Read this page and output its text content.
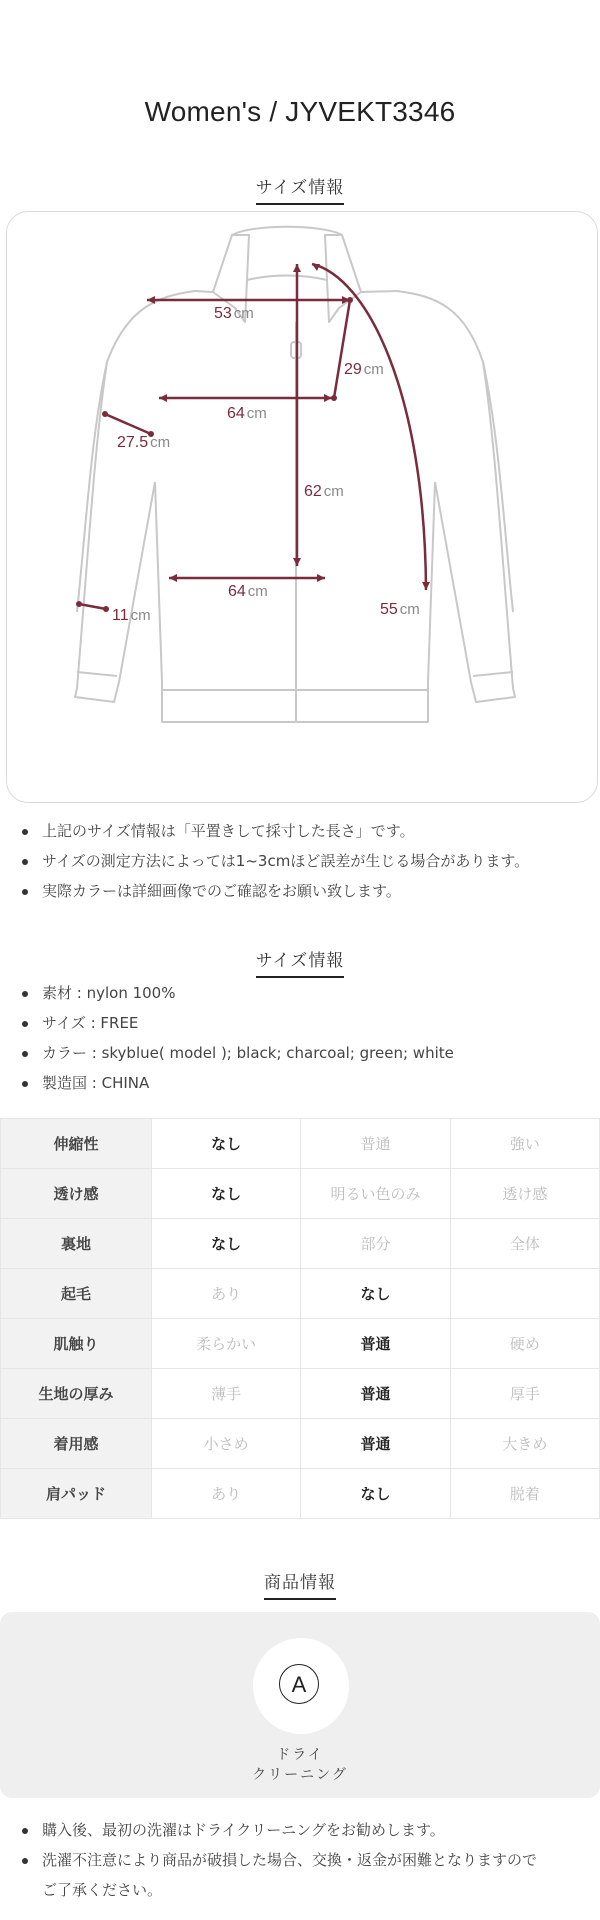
Women's / JYVEKT3346
サイズ情報
53 cm
29 cm
64 cm
27.5 cm
62 cm
64 cm
11 cm	55 cm
上記のサイズ情報は「平置きして採寸した長さ」です。
サイズの測定方法によっては1~3cmほど誤差が生じる場合があります。
実際カラーは詳細画像でのご確認をお願い致します。
サイズ情報
素材 : nylon 100%
サイズ : FREE
カラー : skyblue( model ); black; charcoal; green; white
製造国 : CHINA
伸縮性	なし	普通	強い
透け感	なし	明るい色のみ	透け感
裏地	なし	部分	全体
起毛	あり	なし	
肌触り	柔らかい	普通	硬め
生地の厚み	薄手	普通	厚手
着用感	小さめ	普通	大きめ
肩パッド	あり	なし	脱着
商品情報
A
ドライ
クリーニング
購入後、最初の洗濯はドライクリーニングをお勧めします。
洗濯不注意により商品が破損した場合、交換・返金が困難となりますので
ご了承ください。
